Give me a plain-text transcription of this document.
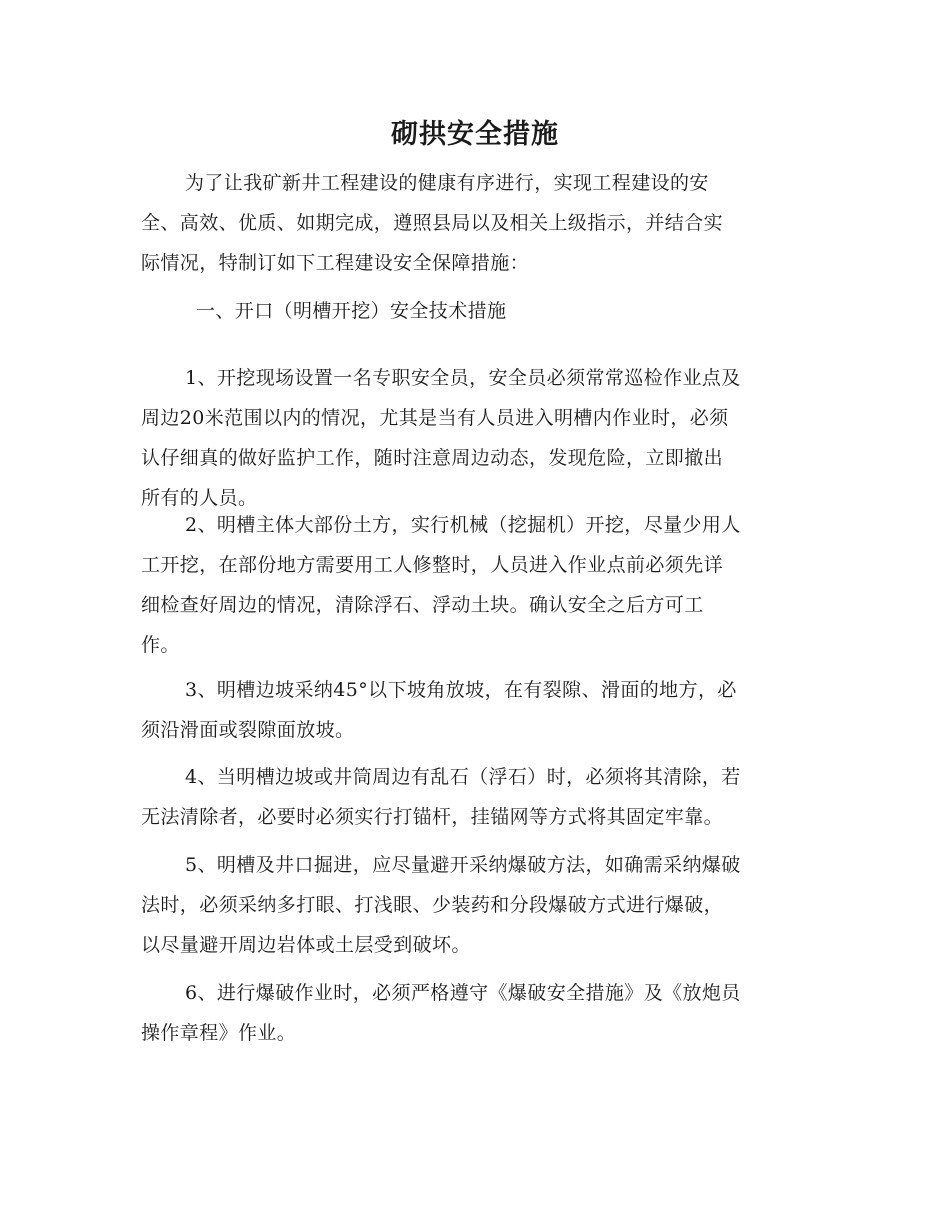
砌拱安全措施
为了让我矿新井工程建设的健康有序进行，实现工程建设的安
全、高效、优质、如期完成，遵照县局以及相关上级指示，并结合实
际情况，特制订如下工程建设安全保障措施：
一、开口（明槽开挖）安全技术措施
1、开挖现场设置一名专职安全员，安全员必须常常巡检作业点及
周边20米范围以内的情况，尤其是当有人员进入明槽内作业时，必须
认仔细真的做好监护工作，随时注意周边动态，发现危险，立即撤出
所有的人员。
2、明槽主体大部份土方，实行机械（挖掘机）开挖，尽量少用人
工开挖，在部份地方需要用工人修整时，人员进入作业点前必须先详
细检查好周边的情况，清除浮石、浮动土块。确认安全之后方可工
作。
3、明槽边坡采纳45°以下坡角放坡，在有裂隙、滑面的地方，必
须沿滑面或裂隙面放坡。
4、当明槽边坡或井筒周边有乱石（浮石）时，必须将其清除，若
无法清除者，必要时必须实行打锚杆，挂锚网等方式将其固定牢靠。
5、明槽及井口掘进，应尽量避开采纳爆破方法，如确需采纳爆破
法时，必须采纳多打眼、打浅眼、少装药和分段爆破方式进行爆破，
以尽量避开周边岩体或土层受到破坏。
6、进行爆破作业时，必须严格遵守《爆破安全措施》及《放炮员
操作章程》作业。
